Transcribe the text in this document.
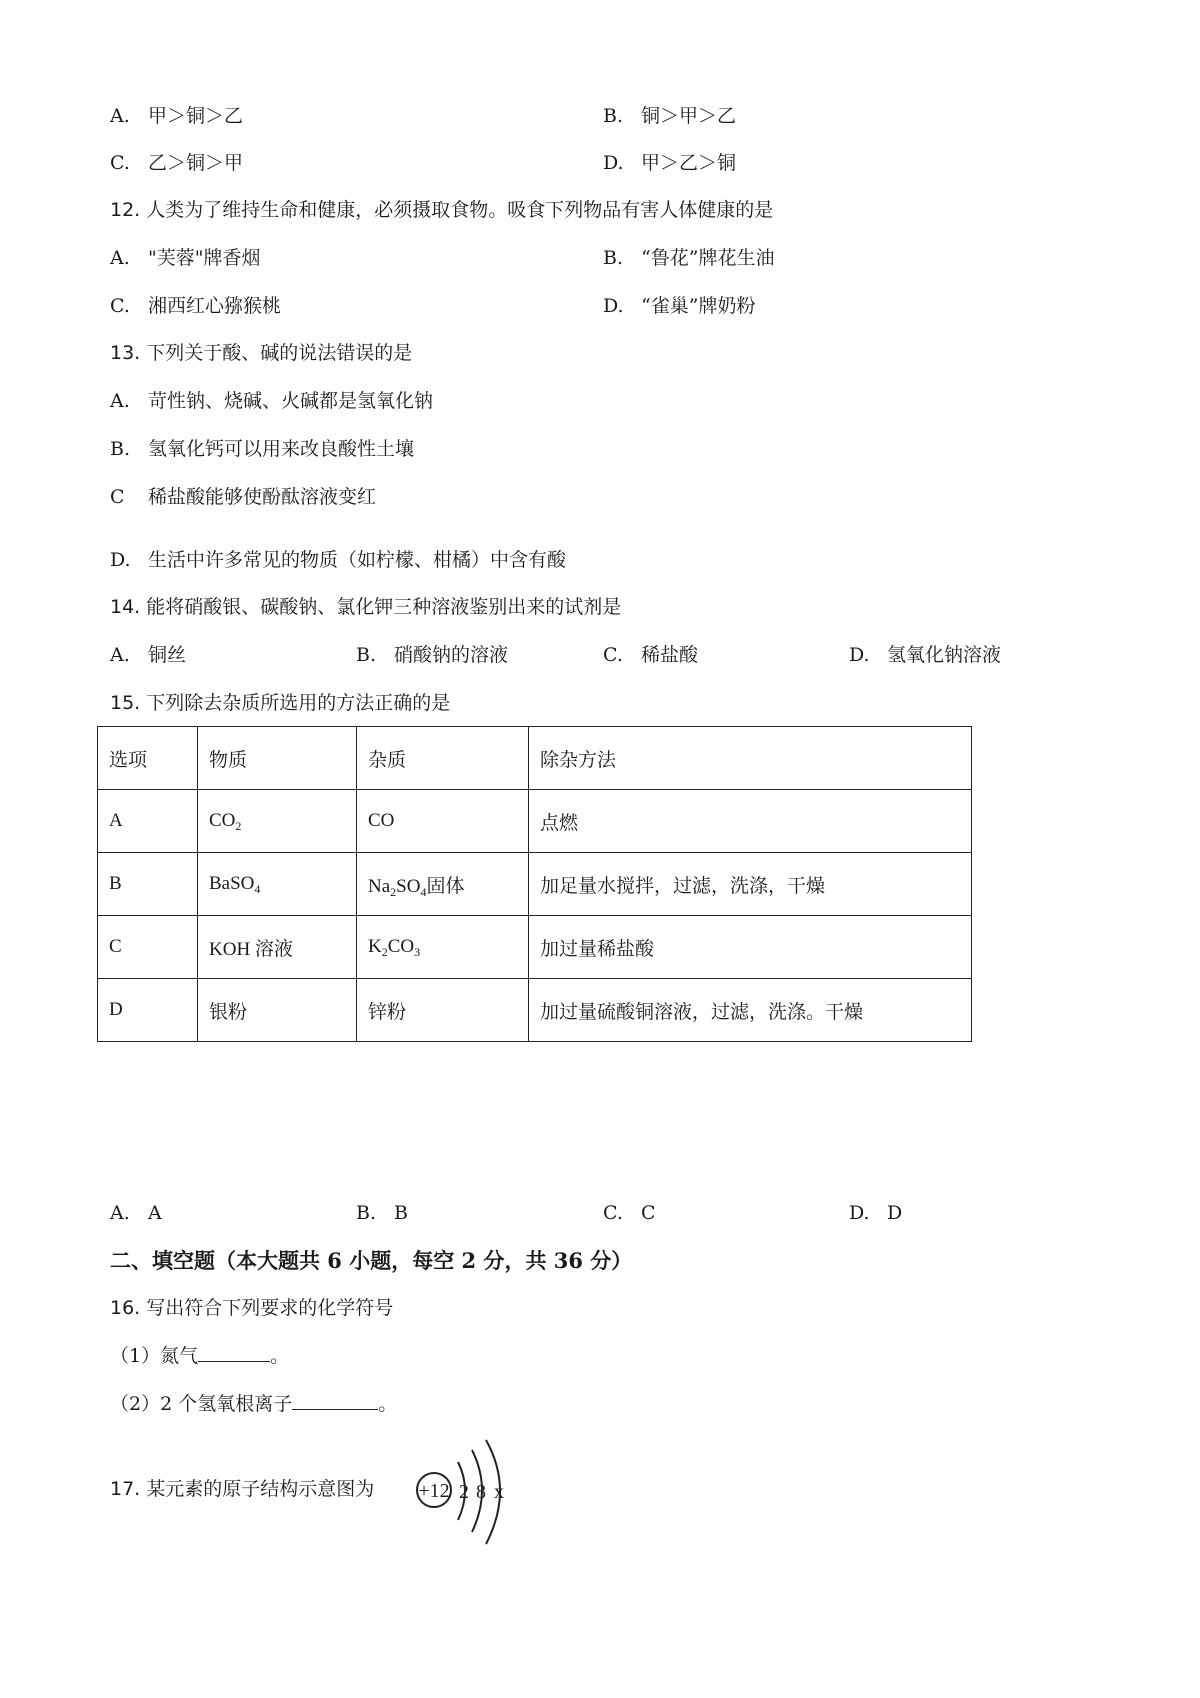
A. 甲＞铜＞乙	B. 铜＞甲＞乙
C. 乙＞铜＞甲	D. 甲＞乙＞铜
12. 人类为了维持生命和健康，必须摄取食物。吸食下列物品有害人体健康的是
A. "芙蓉"牌香烟	B. “鲁花”牌花生油
C. 湘西红心猕猴桃	D. “雀巢”牌奶粉
13. 下列关于酸、碱的说法错误的是
A. 苛性钠、烧碱、火碱都是氢氧化钠
B. 氢氧化钙可以用来改良酸性土壤
C 稀盐酸能够使酚酞溶液变红
D. 生活中许多常见的物质（如柠檬、柑橘）中含有酸
14. 能将硝酸银、碳酸钠、氯化钾三种溶液鉴别出来的试剂是
A. 铜丝	B. 硝酸钠的溶液	C. 稀盐酸	D. 氢氧化钠溶液
15. 下列除去杂质所选用的方法正确的是
选项	物质	杂质	除杂方法
A	$CO_2$	CO	点燃
B	BaSO$_4$	$Na_2SO_4$固体	加足量水搅拌，过滤，洗涤，干燥
C	KOH 溶液	$K_2CO_3$	加过量稀盐酸
D	银粉	锌粉	加过量硫酸铜溶液，过滤，洗涤。干燥
A. A	B. B	C. C	D. D
二、填空题（本大题共 6 小题，每空 2 分，共 36 分）
16. 写出符合下列要求的化学符号
（1）氮气	。
（2）2 个氢氧根离子	。
17. 某元素的原子结构示意图为 +12 2 8 x
